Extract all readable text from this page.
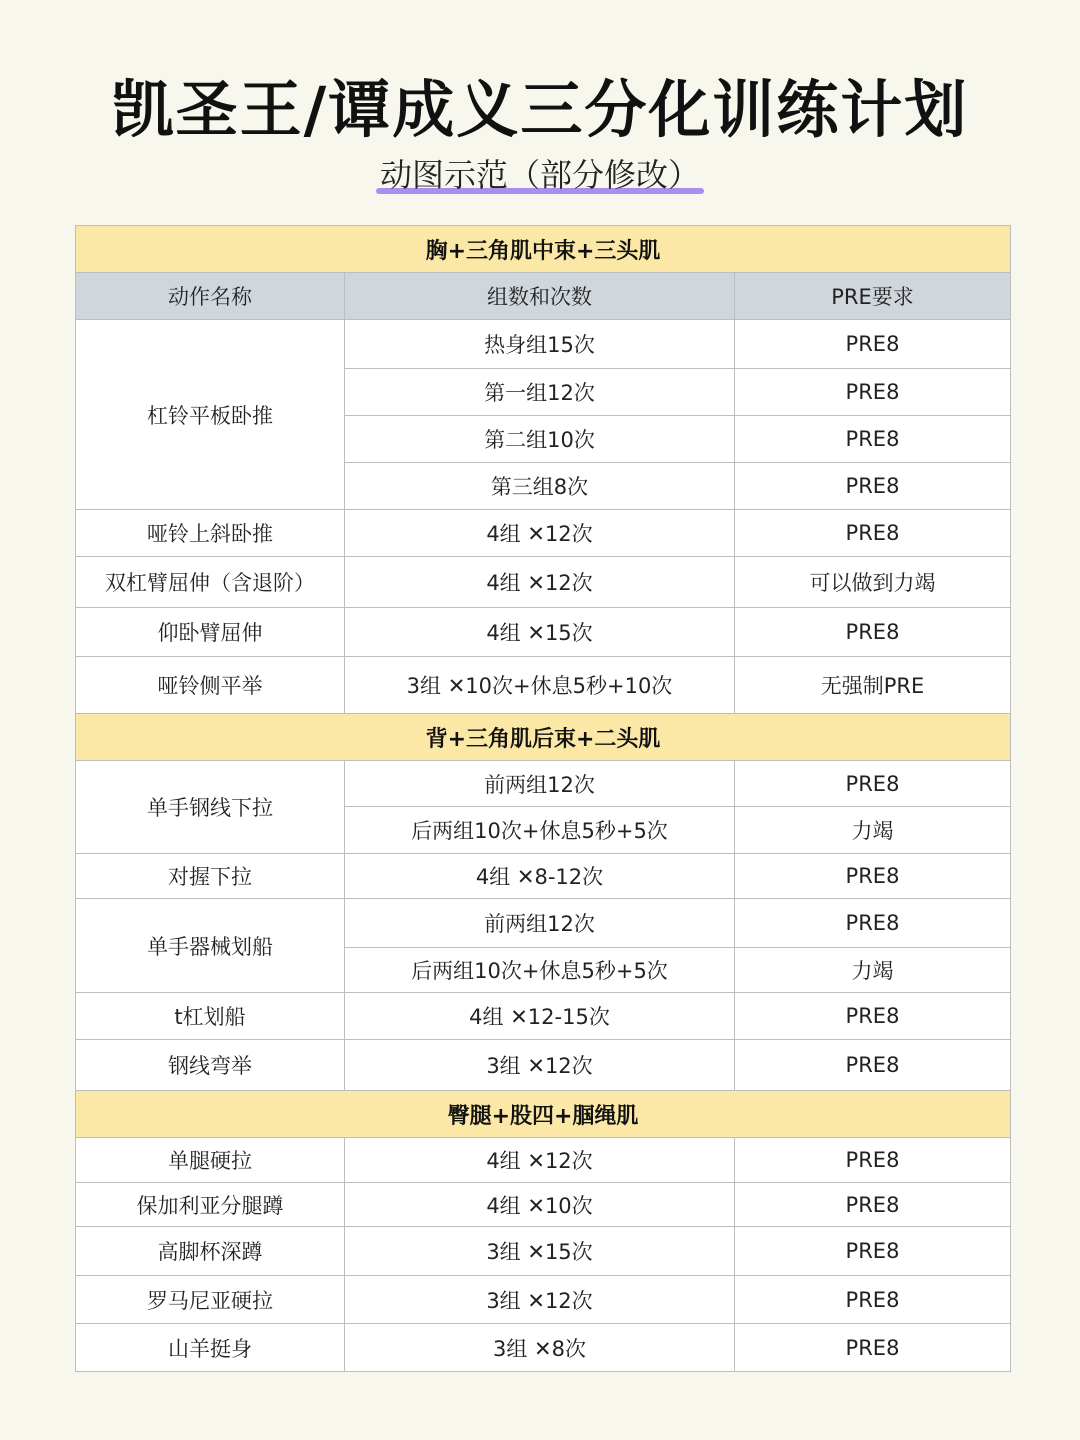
凯圣王/谭成义三分化训练计划
动图示范（部分修改）
胸+三角肌中束+三头肌		
动作名称	组数和次数	PRE要求
杠铃平板卧推	热身组15次	PRE8
	第一组12次	PRE8
	第二组10次	PRE8
	第三组8次	PRE8
哑铃上斜卧推	4组 ✕12次	PRE8
双杠臂屈伸（含退阶）	4组 ✕12次	可以做到力竭
仰卧臂屈伸	4组 ✕15次	PRE8
哑铃侧平举	3组 ✕10次+休息5秒+10次	无强制PRE
背+三角肌后束+二头肌		
单手钢线下拉	前两组12次	PRE8
	后两组10次+休息5秒+5次	力竭
对握下拉	4组 ✕8-12次	PRE8
单手器械划船	前两组12次	PRE8
	后两组10次+休息5秒+5次	力竭
t杠划船	4组 ✕12-15次	PRE8
钢线弯举	3组 ✕12次	PRE8
臀腿+股四+腘绳肌		
单腿硬拉	4组 ✕12次	PRE8
保加利亚分腿蹲	4组 ✕10次	PRE8
高脚杯深蹲	3组 ✕15次	PRE8
罗马尼亚硬拉	3组 ✕12次	PRE8
山羊挺身	3组 ✕8次	PRE8
